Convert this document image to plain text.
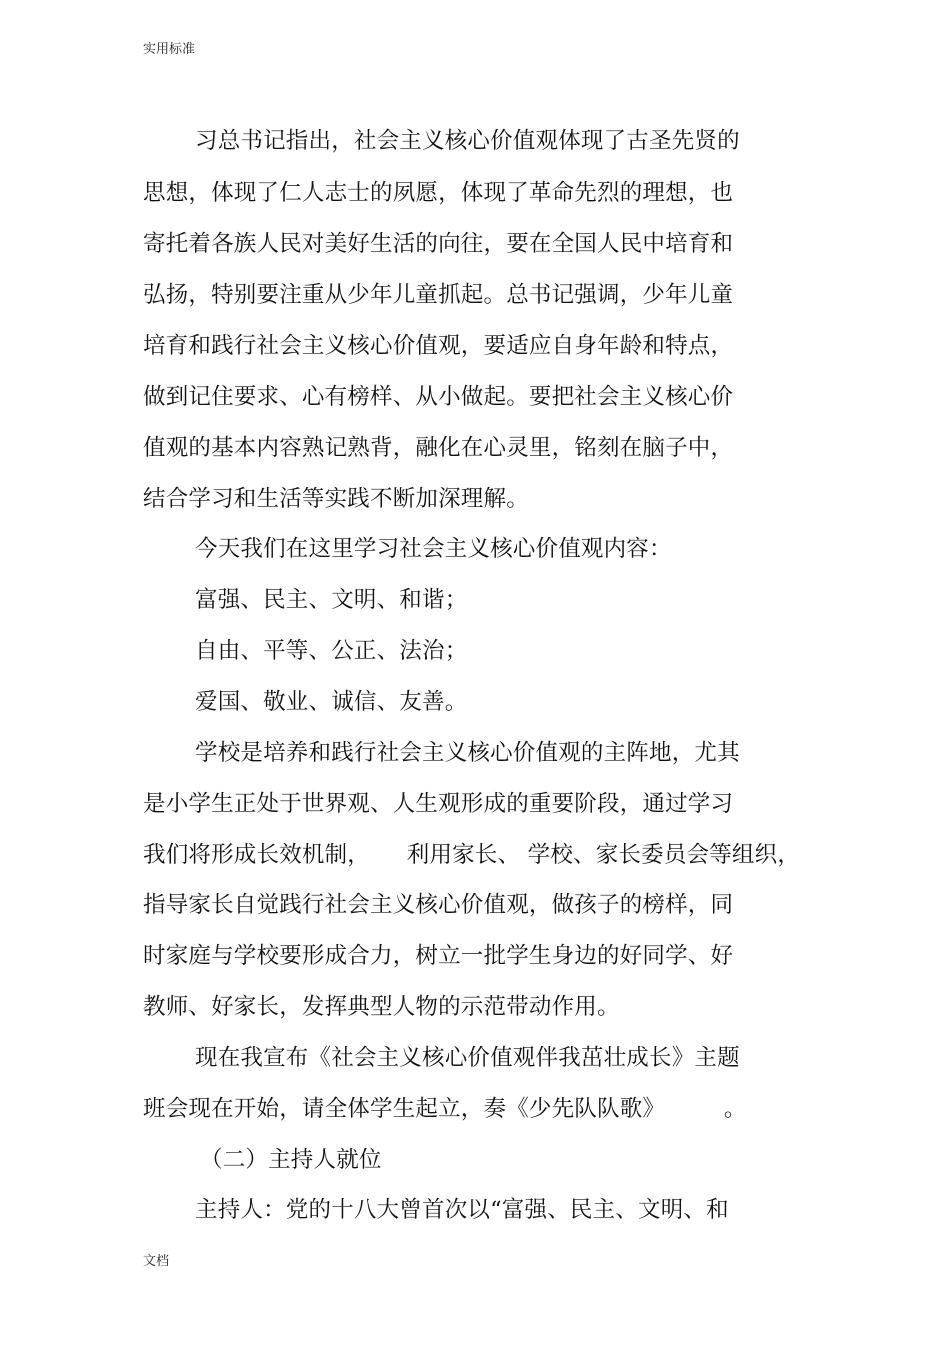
实用标准
习总书记指出，社会主义核心价值观体现了古圣先贤的
思想，体现了仁人志士的夙愿，体现了革命先烈的理想，也
寄托着各族人民对美好生活的向往，要在全国人民中培育和
弘扬，特别要注重从少年儿童抓起。总书记强调，少年儿童
培育和践行社会主义核心价值观，要适应自身年龄和特点，
做到记住要求、心有榜样、从小做起。要把社会主义核心价
值观的基本内容熟记熟背，融化在心灵里，铭刻在脑子中，
结合学习和生活等实践不断加深理解。
今天我们在这里学习社会主义核心价值观内容：
富强、民主、文明、和谐；
自由、平等、公正、法治；
爱国、敬业、诚信、友善。
学校是培养和践行社会主义核心价值观的主阵地，尤其
是小学生正处于世界观、人生观形成的重要阶段，通过学习
我们将形成长效机制，     利用家长、 学校、家长委员会等组织，
指导家长自觉践行社会主义核心价值观，做孩子的榜样，同
时家庭与学校要形成合力，树立一批学生身边的好同学、好
教师、好家长，发挥典型人物的示范带动作用。
现在我宣布《社会主义核心价值观伴我茁壮成长》主题
班会现在开始，请全体学生起立，奏《少先队队歌》        。
（二）主持人就位
主持人：党的十八大曾首次以“富强、民主、文明、和
文档
